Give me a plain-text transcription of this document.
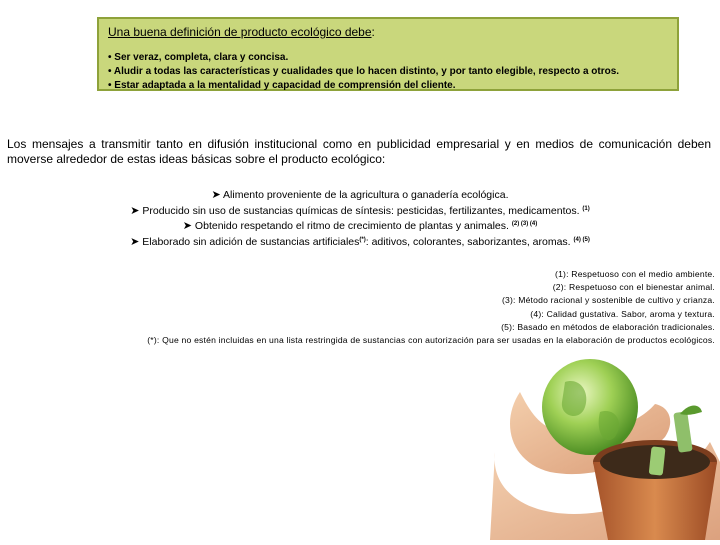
Una buena definición de producto ecológico debe:
• Ser veraz, completa, clara y concisa.
• Aludir a todas las características y cualidades que lo hacen distinto, y por tanto elegible, respecto a otros.
• Estar adaptada a la mentalidad y capacidad de comprensión del cliente.
Los mensajes a transmitir tanto en difusión institucional como en publicidad empresarial y en medios de comunicación deben moverse alrededor de estas ideas básicas sobre el producto ecológico:
➤ Alimento proveniente de la agricultura o ganadería ecológica.
➤ Producido sin uso de sustancias químicas de síntesis: pesticidas, fertilizantes, medicamentos. $^{(1)}$
➤ Obtenido respetando el ritmo de crecimiento de plantas y animales. $^{(2) (3) (4)}$
➤ Elaborado sin adición de sustancias artificiales(*): aditivos, colorantes, saborizantes, aromas. $^{(4) (5)}$
(1): Respetuoso con el medio ambiente.
(2): Respetuoso con el bienestar animal.
(3): Método racional y sostenible de cultivo y crianza.
(4): Calidad gustativa. Sabor, aroma y textura.
(5): Basado en métodos de elaboración tradicionales.
(*): Que no estén incluidas en una lista restringida de sustancias con autorización para ser usadas en la elaboración de productos ecológicos.
